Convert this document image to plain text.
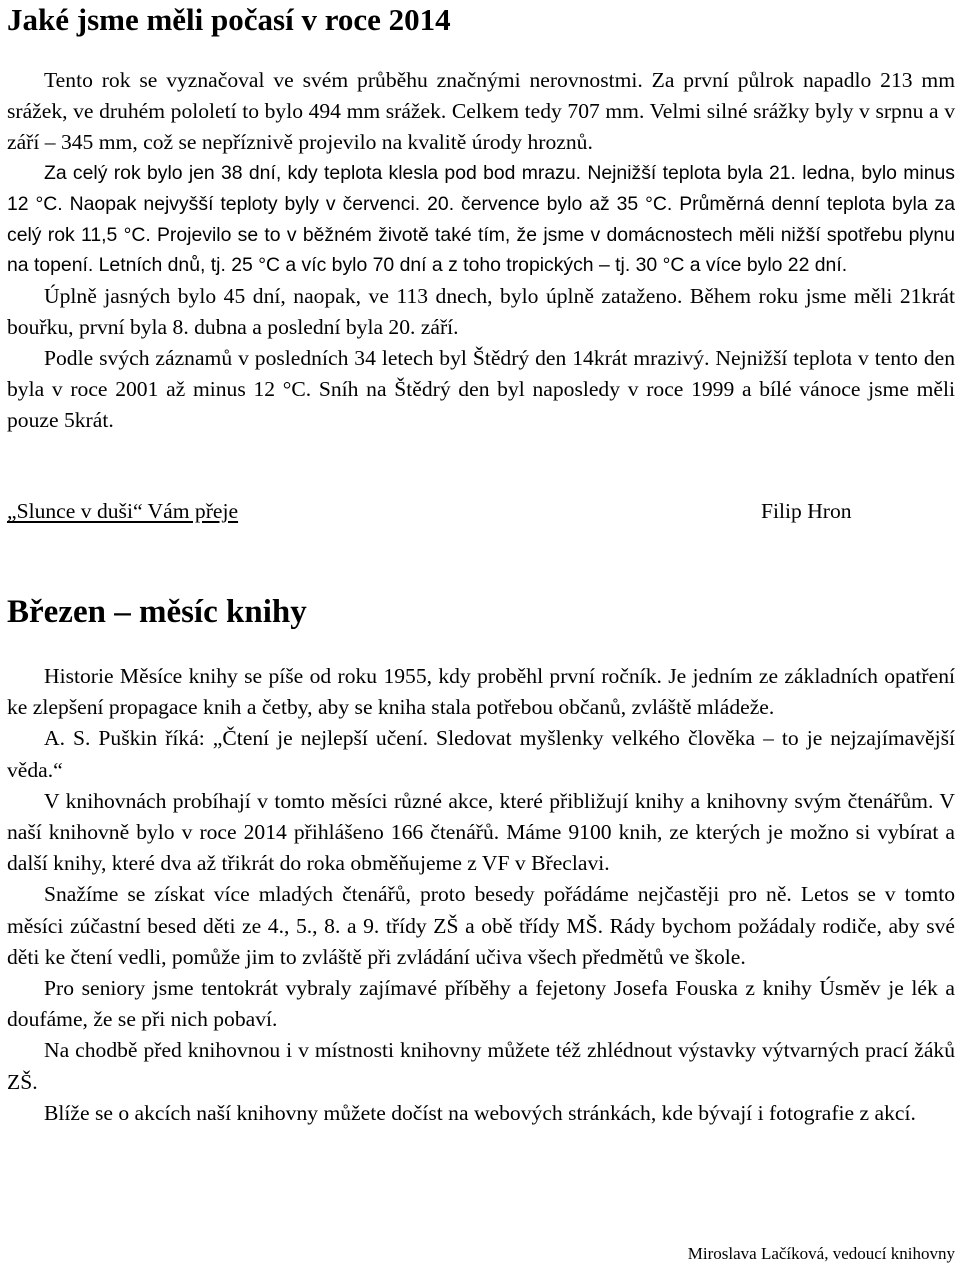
Jaké jsme měli počasí v roce 2014

Tento rok se vyznačoval ve svém průběhu značnými nerovnostmi. Za první půlrok napadlo 213 mm srážek, ve druhém pololetí to bylo 494 mm srážek. Celkem tedy 707 mm. Velmi silné srážky byly v srpnu a v září – 345 mm, což se nepříznivě projevilo na kvalitě úrody hroznů.

Za celý rok bylo jen 38 dní, kdy teplota klesla pod bod mrazu. Nejnižší teplota byla 21. ledna, bylo minus 12 °C. Naopak nejvyšší teploty byly v červenci. 20. července bylo až 35 °C. Průměrná denní teplota byla za celý rok 11,5 °C. Projevilo se to v běžném životě také tím, že jsme v domácnostech měli nižší spotřebu plynu na topení. Letních dnů, tj. 25 °C a víc bylo 70 dní a z toho tropických – tj. 30 °C a více bylo 22 dní.

Úplně jasných bylo 45 dní, naopak, ve 113 dnech, bylo úplně zataženo. Během roku jsme měli 21krát bouřku, první byla 8. dubna a poslední byla 20. září.

Podle svých záznamů v posledních 34 letech byl Štědrý den 14krát mrazivý. Nejnižší teplota v tento den byla v roce 2001 až minus 12 °C. Sníh na Štědrý den byl naposledy v roce 1999 a bílé vánoce jsme měli pouze 5krát.

„Slunce v duši“ Vám přeje	Filip Hron
Březen – měsíc knihy

Historie Měsíce knihy se píše od roku 1955, kdy proběhl první ročník. Je jedním ze základních opatření ke zlepšení propagace knih a četby, aby se kniha stala potřebou občanů, zvláště mládeže.

A. S. Puškin říká: „Čtení je nejlepší učení. Sledovat myšlenky velkého člověka – to je nejzajímavější věda.“

V knihovnách probíhají v tomto měsíci různé akce, které přibližují knihy a knihovny svým čtenářům. V naší knihovně bylo v roce 2014 přihlášeno 166 čtenářů. Máme 9100 knih, ze kterých je možno si vybírat a další knihy, které dva až třikrát do roka obměňujeme z VF v Břeclavi.

Snažíme se získat více mladých čtenářů, proto besedy pořádáme nejčastěji pro ně. Letos se v tomto měsíci zúčastní besed děti ze 4., 5., 8. a 9. třídy ZŠ a obě třídy MŠ. Rády bychom požádaly rodiče, aby své děti ke čtení vedli, pomůže jim to zvláště při zvládání učiva všech předmětů ve škole.

Pro seniory jsme tentokrát vybraly zajímavé příběhy a fejetony Josefa Fouska z knihy Úsměv je lék a doufáme, že se při nich pobaví.

Na chodbě před knihovnou i v místnosti knihovny můžete též zhlédnout výstavky výtvarných prací žáků ZŠ.

Blíže se o akcích naší knihovny můžete dočíst na webových stránkách, kde bývají i fotografie z akcí.

Miroslava Lačíková, vedoucí knihovny
